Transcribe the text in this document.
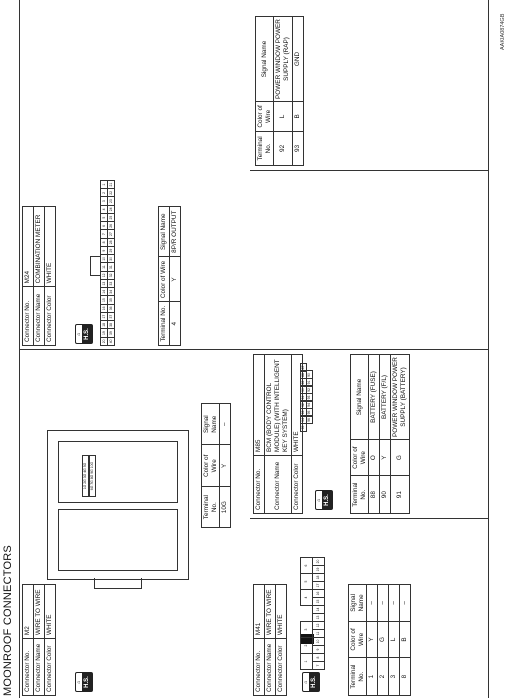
MOONROOF CONNECTORS Connector No.	M2
Connector Name	WIRE TO WIRE
Connector Color	WHITE
⌂ H.S.
1G 2G 3G 4G 5G
6G 7G 8G 9G 10G
Terminal No.	Color of Wire	Signal Name
10G	Y	–
Connector No.	M24
Connector Name	COMBINATION METER
Connector Color	WHITE
⌂ H.S.
20	19	18	17	16	15	14	13	12	11	10	9	8	7	6	5	4	3	2	1
40	39	38	37	36	35	34	33	32	31	30	29	28	27	26	25	24	23	22	21
Terminal No.	Color of Wire	Signal Name
4	Y	8P/R OUTPUT
Connector No.	M41
Connector Name	WIRE TO WIRE
Connector Color	WHITE
⌂ H.S.
1
2
3
4
5
6
7
8
9
10
11
12
13
14
15
16
17
18
19
20
Terminal No.	Color of Wire	Signal Name
1	Y	–
2	G	–
3	L	–
8	B	–
Connector No.	M85
Connector Name	BCM (BODY CONTROL MODULE) (WITH INTELLIGENT KEY SYSTEM)
Connector Color	WHITE
⌂ H.S.
95
94
93
92
91
90
89
88
87
96
95
94
93
92
91
90
Terminal No.	Color of Wire	Signal Name
88	O	BATTERY (FUSE)
90	Y	BATTERY (F/L)
91	G	POWER WINDOW POWER SUPPLY (BATTERY)
Terminal No.	Color of Wire	Signal Name
92	L	POWER WINDOW POWER SUPPLY (RAP)
93	B	GND
AAKIA0874GB
